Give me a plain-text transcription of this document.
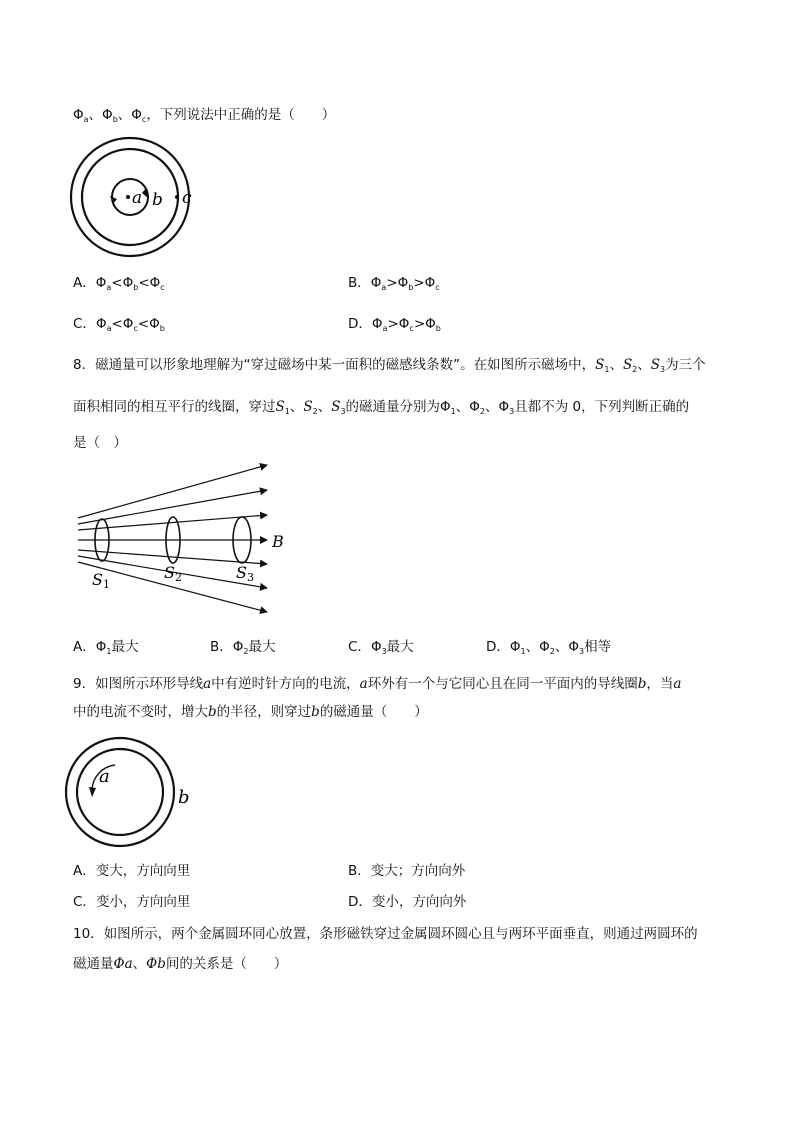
$\Phi_a$、$\Phi_b$、$\Phi_c$，下列说法中正确的是（　　）
a b c
A．$\Phi_a<\Phi_b<\Phi_c$	B．$\Phi_a>\Phi_b>\Phi_c$
C．$\Phi_a<\Phi_c<\Phi_b$	D．$\Phi_a>\Phi_c>\Phi_b$
8．磁通量可以形象地理解为“穿过磁场中某一面积的磁感线条数”。在如图所示磁场中，$S_1$、$S_2$、$S_3$为三个
面积相同的相互平行的线圈，穿过$S_1$、$S_2$、$S_3$的磁通量分别为$\Phi_1$、$\Phi_2$、$\Phi_3$且都不为 0，下列判断正确的
是（　）
B
S1
S2	S3
A．$\Phi_1$最大	B．$\Phi_2$最大	C．$\Phi_3$最大	D．$\Phi_1$、$\Phi_2$、$\Phi_3$相等
9．如图所示环形导线a中有逆时针方向的电流，a环外有一个与它同心且在同一平面内的导线圈b，当a
中的电流不变时，增大b的半径，则穿过b的磁通量（　　）
a
b
A．变大，方向向里	B．变大；方向向外
C．变小，方向向里	D．变小，方向向外
10．如图所示，两个金属圆环同心放置，条形磁铁穿过金属圆环圆心且与两环平面垂直，则通过两圆环的
磁通量Φa、Φb间的关系是（　　）
